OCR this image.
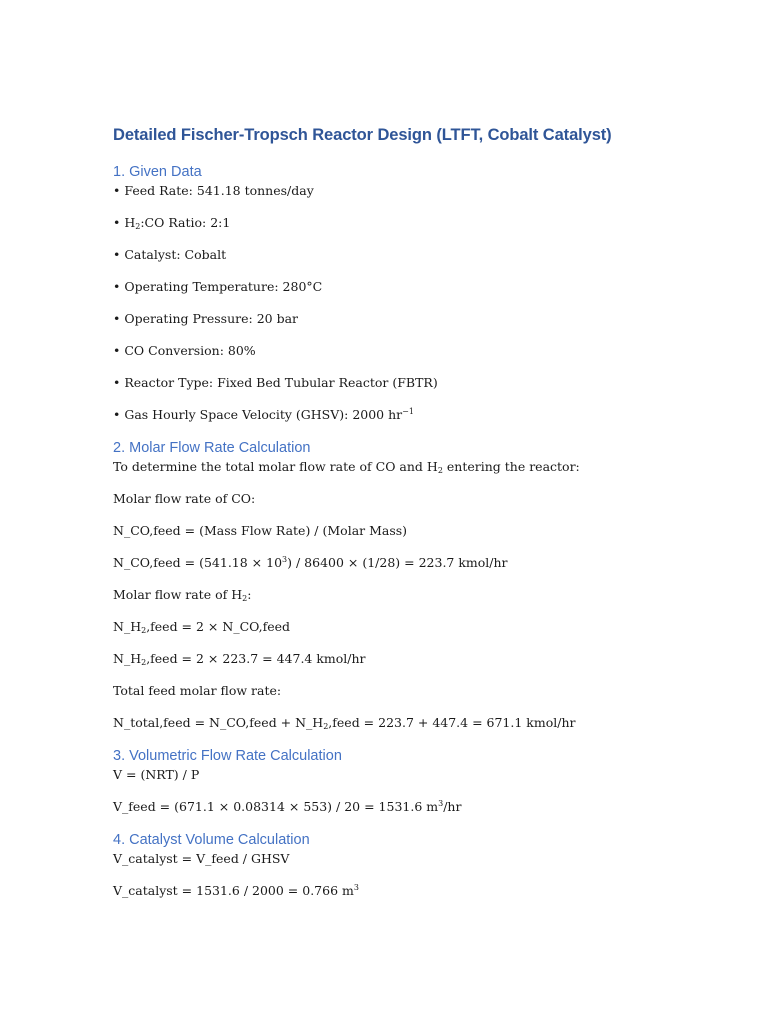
Detailed Fischer-Tropsch Reactor Design (LTFT, Cobalt Catalyst)
1. Given Data
• Feed Rate: 541.18 tonnes/day
• $H_2:CO$ Ratio: 2:1
• Catalyst: Cobalt
• Operating Temperature: 280°C
• Operating Pressure: 20 bar
• CO Conversion: 80%
• Reactor Type: Fixed Bed Tubular Reactor (FBTR)
• Gas Hourly Space Velocity (GHSV): 2000 $hr^{-1}$
2. Molar Flow Rate Calculation
To determine the total molar flow rate of CO and $H_2$ entering the reactor:
Molar flow rate of CO:
N_CO,feed = (Mass Flow Rate) / (Molar Mass)
N_CO,feed = $(541.18 \times 10^3) / 86400 \times (1/28) = 223.7$ kmol/hr
Molar flow rate of $H_2$:
$N\_H_2,feed = 2$ × N_CO,feed
$N\_H_2,feed = 2 \times 223.7 = 447.4$ kmol/hr
Total feed molar flow rate:
N_total,feed = N_CO,feed + $N\_H_2,feed = 223.7 + 447.4 = 671.1$ kmol/hr
3. Volumetric Flow Rate Calculation
V = (NRT) / P
V_feed = (671.1 × 0.08314 × 553) / 20 = 1531.6 $m^3/hr$
4. Catalyst Volume Calculation
V_catalyst = V_feed / GHSV
V_catalyst = 1531.6 / 2000 = 0.766 $m^3$
